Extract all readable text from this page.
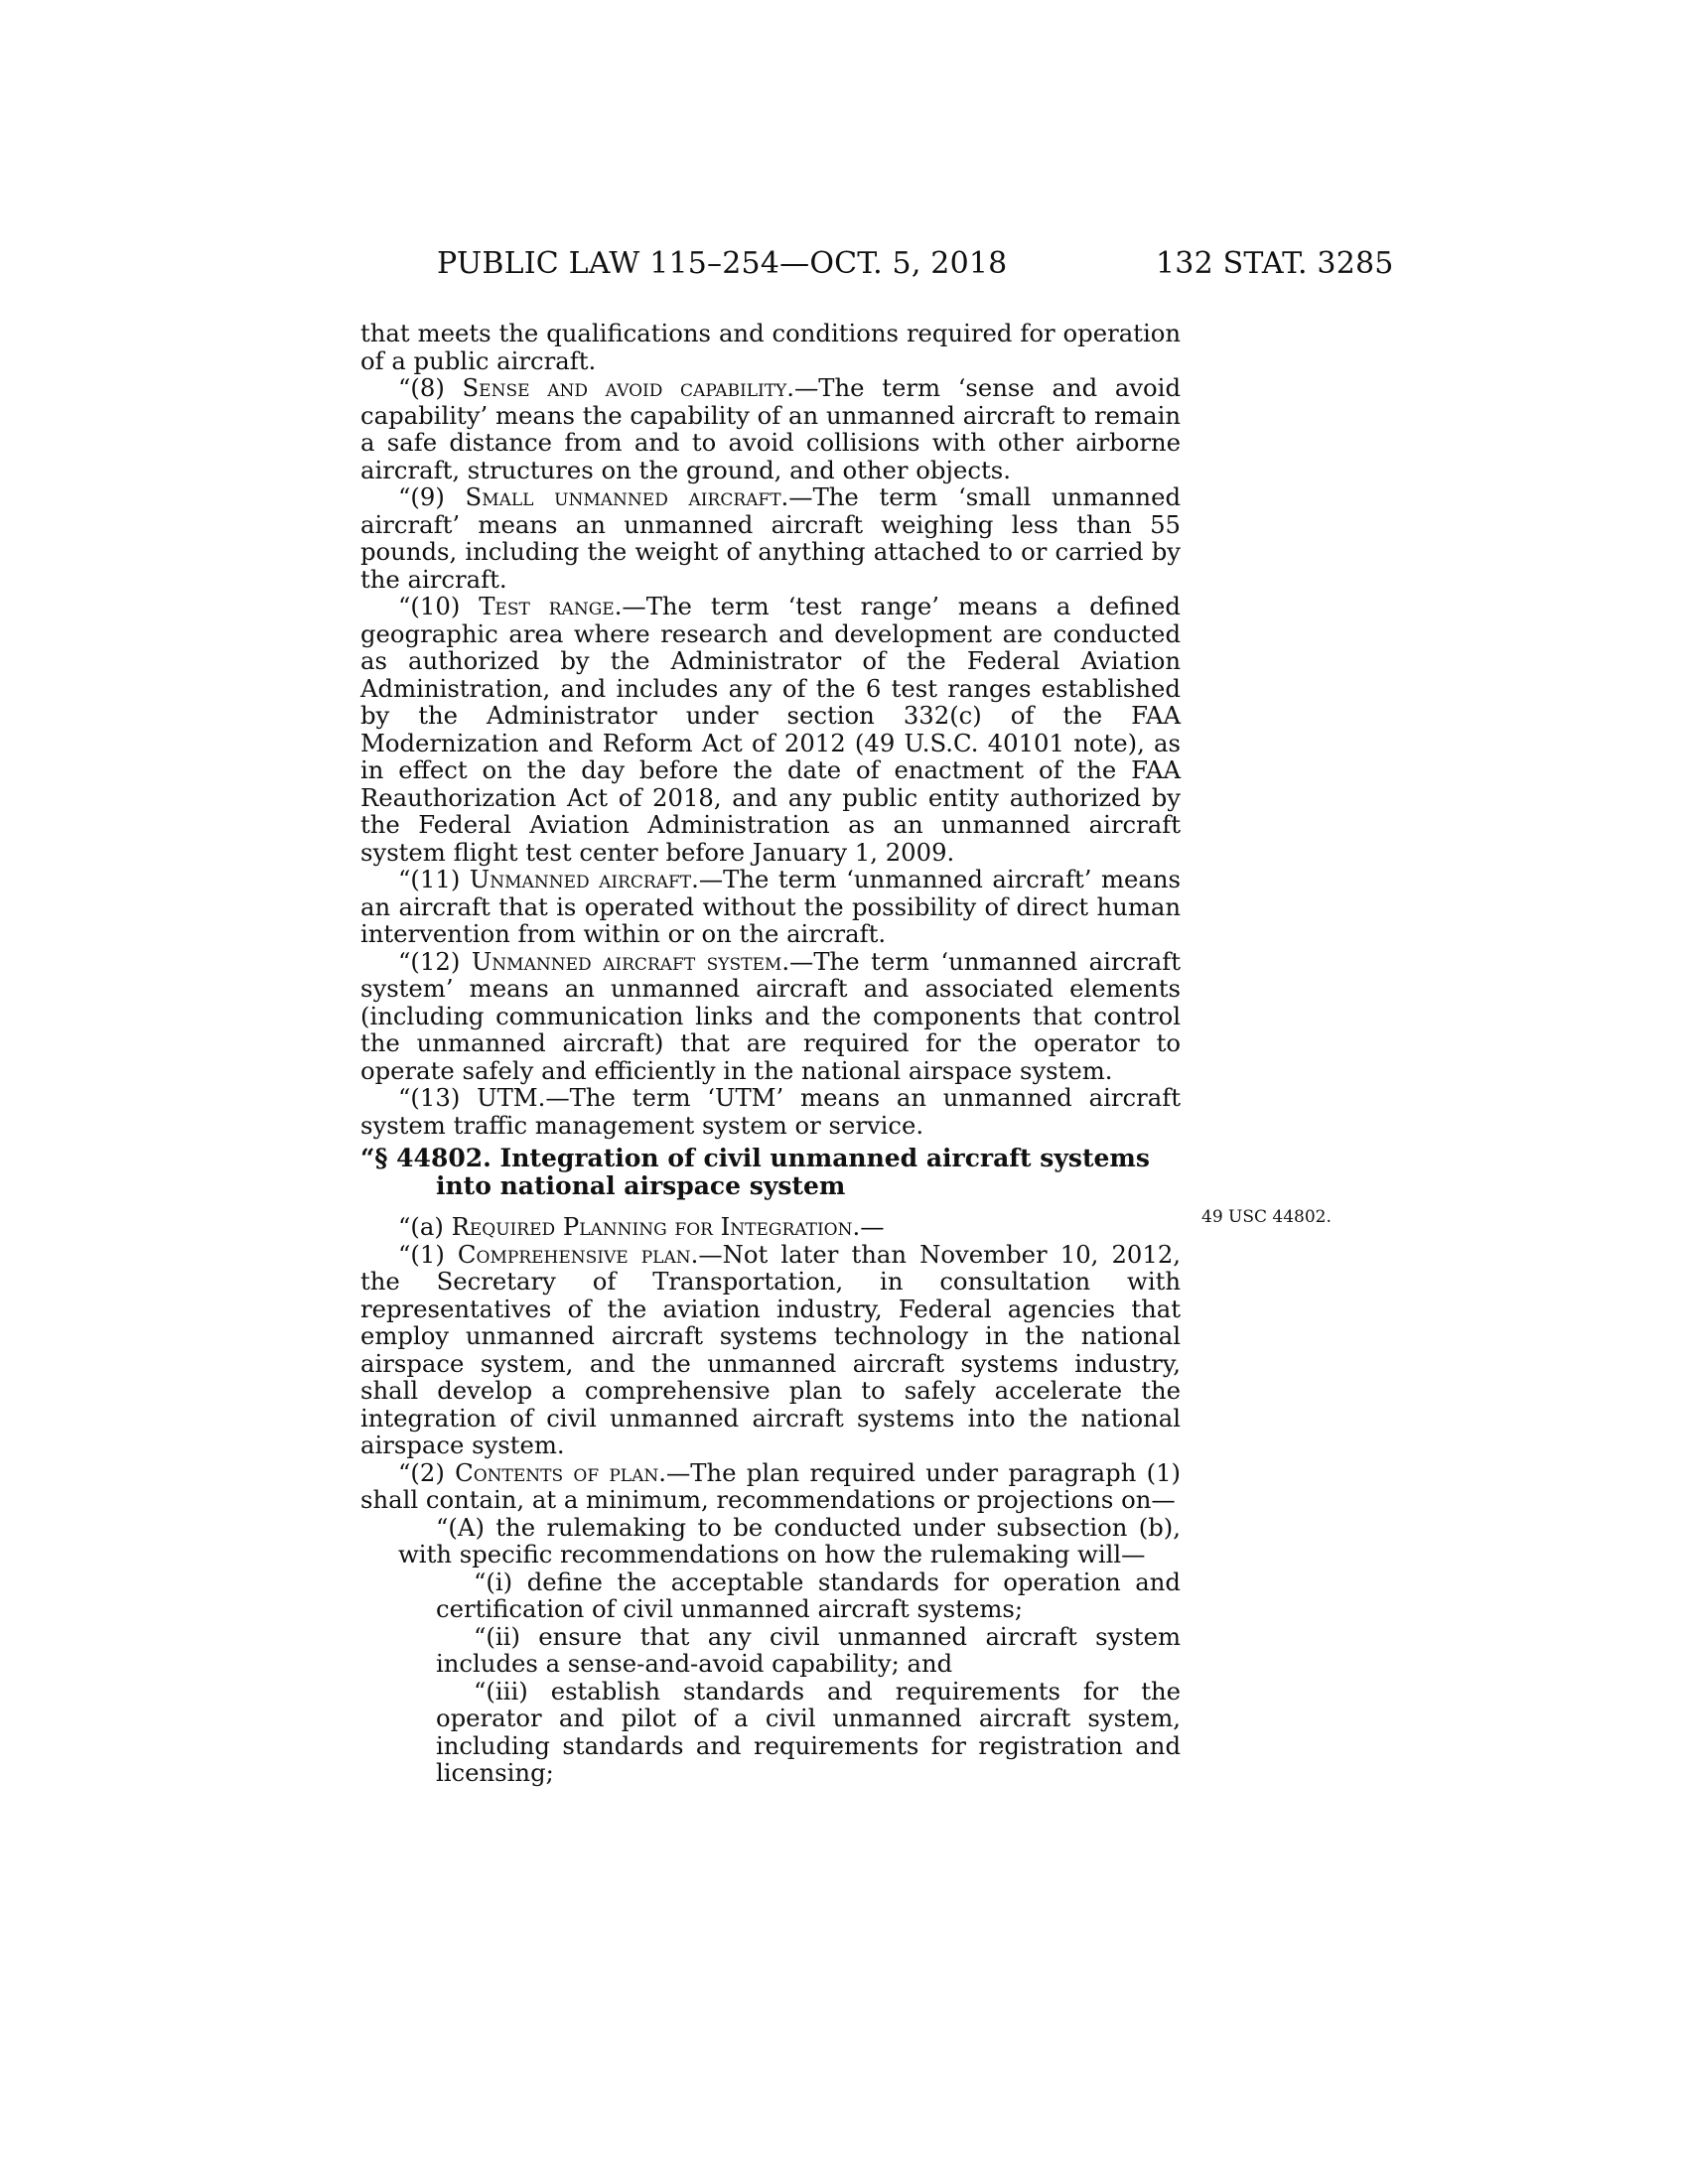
PUBLIC LAW 115–254—OCT. 5, 2018	132 STAT. 3285
49 USC 44802.

that meets the qualifications and conditions required for operation of a public aircraft.

“(8) Sense and avoid capability.—The term ‘sense and avoid capability’ means the capability of an unmanned aircraft to remain a safe distance from and to avoid collisions with other airborne aircraft, structures on the ground, and other objects.

“(9) Small unmanned aircraft.—The term ‘small unmanned aircraft’ means an unmanned aircraft weighing less than 55 pounds, including the weight of anything attached to or carried by the aircraft.

“(10) Test range.—The term ‘test range’ means a defined geographic area where research and development are conducted as authorized by the Administrator of the Federal Aviation Administration, and includes any of the 6 test ranges established by the Administrator under section 332(c) of the FAA Modernization and Reform Act of 2012 (49 U.S.C. 40101 note), as in effect on the day before the date of enactment of the FAA Reauthorization Act of 2018, and any public entity authorized by the Federal Aviation Administration as an unmanned aircraft system flight test center before January 1, 2009.

“(11) Unmanned aircraft.—The term ‘unmanned aircraft’ means an aircraft that is operated without the possibility of direct human intervention from within or on the aircraft.

“(12) Unmanned aircraft system.—The term ‘unmanned aircraft system’ means an unmanned aircraft and associated elements (including communication links and the components that control the unmanned aircraft) that are required for the operator to operate safely and efficiently in the national airspace system.

“(13) UTM.—The term ‘UTM’ means an unmanned aircraft system traffic management system or service.

“§ 44802. Integration of civil unmanned aircraft systems into national airspace system

“(a) Required Planning for Integration.—

“(1) Comprehensive plan.—Not later than November 10, 2012, the Secretary of Transportation, in consultation with representatives of the aviation industry, Federal agencies that employ unmanned aircraft systems technology in the national airspace system, and the unmanned aircraft systems industry, shall develop a comprehensive plan to safely accelerate the integration of civil unmanned aircraft systems into the national airspace system.

“(2) Contents of plan.—The plan required under paragraph (1) shall contain, at a minimum, recommendations or projections on—

“(A) the rulemaking to be conducted under subsection (b), with specific recommendations on how the rulemaking will—

“(i) define the acceptable standards for operation and certification of civil unmanned aircraft systems;

“(ii) ensure that any civil unmanned aircraft system includes a sense-and-avoid capability; and

“(iii) establish standards and requirements for the operator and pilot of a civil unmanned aircraft system, including standards and requirements for registration and licensing;
